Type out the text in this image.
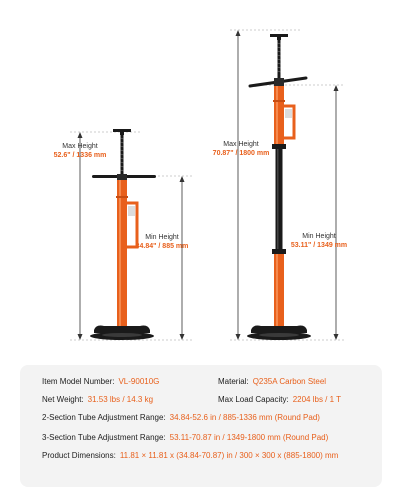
Max Height
52.6" / 1336 mm
Min Height
34.84" / 885 mm
Max Height
70.87" / 1800 mm
Min Height
53.11" / 1349 mm
Item Model Number: VL-90010G	Material: Q235A Carbon Steel
Net Weight: 31.53 lbs / 14.3 kg	Max Load Capacity: 2204 lbs / 1 T
2-Section Tube Adjustment Range: 34.84-52.6 in / 885-1336 mm (Round Pad)
3-Section Tube Adjustment Range: 53.11-70.87 in / 1349-1800 mm (Round Pad)
Product Dimensions: 11.81 × 11.81 x (34.84-70.87) in / 300 × 300 x (885-1800) mm
